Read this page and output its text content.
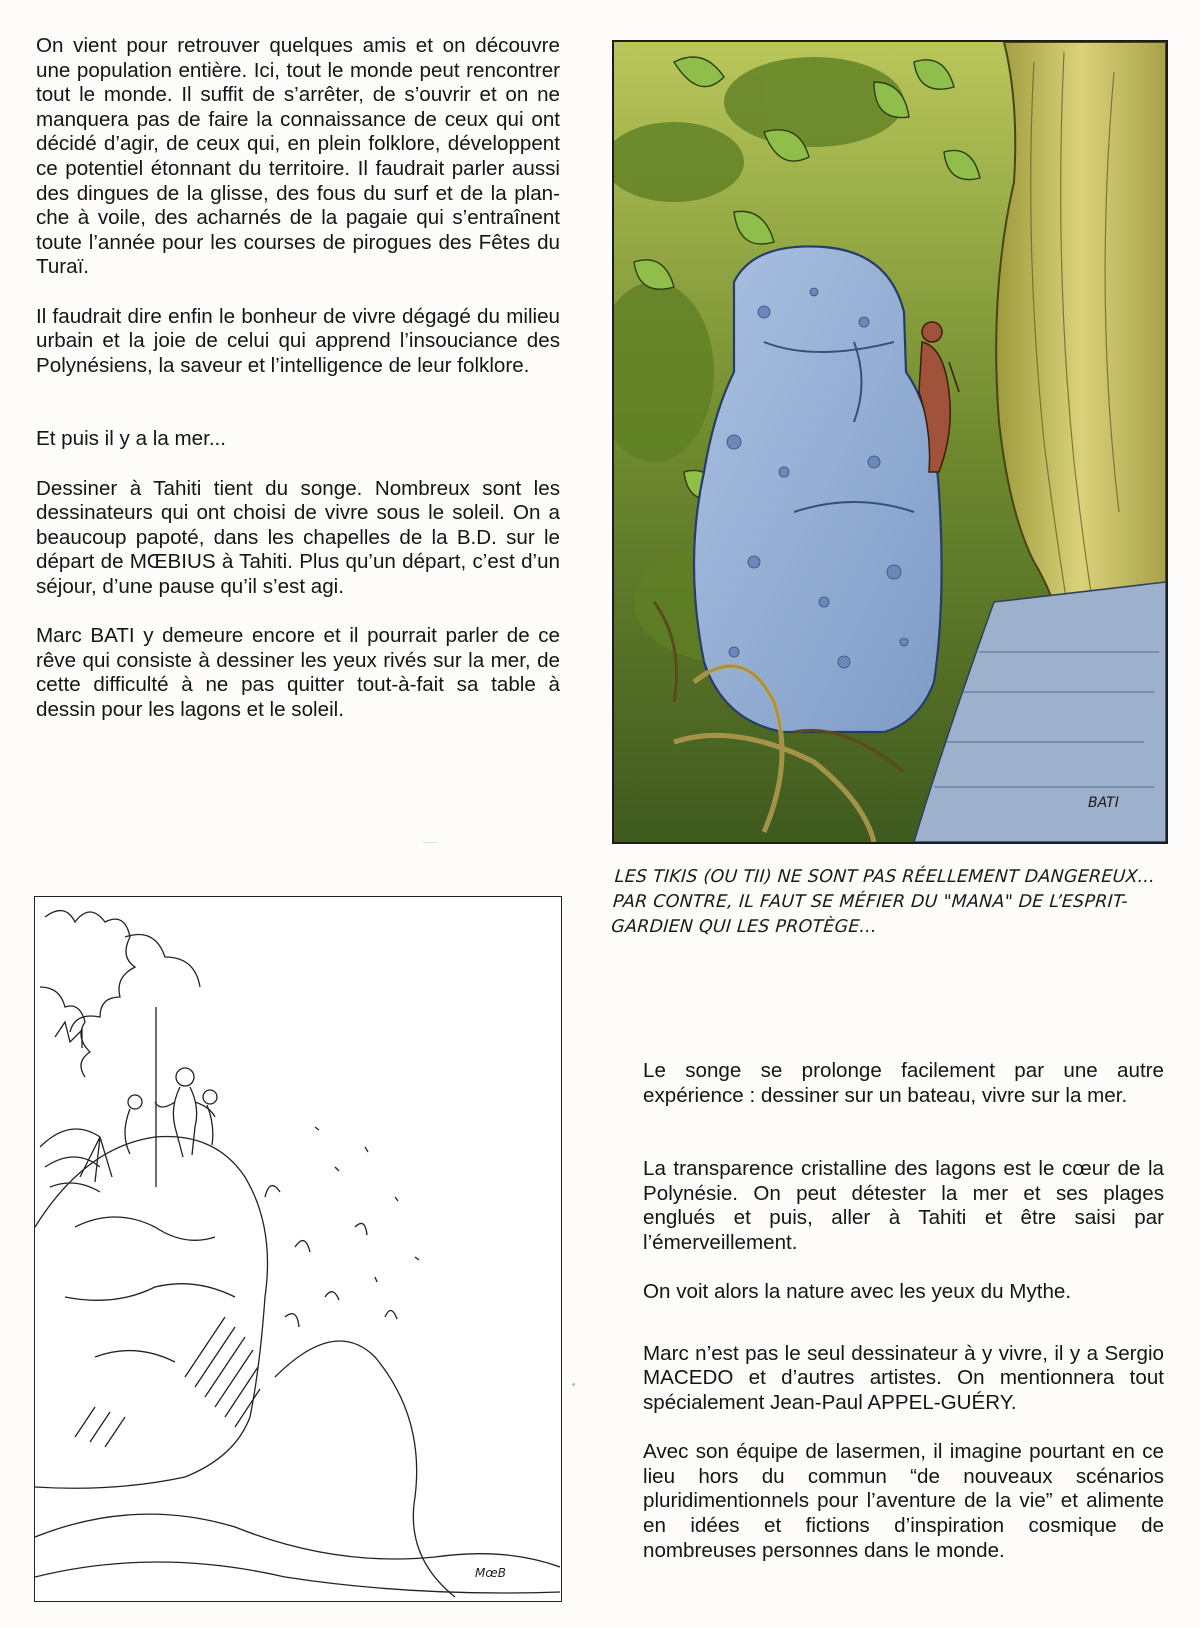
On vient pour retrouver quelques amis et on découvre une population entière. Ici, tout le monde peut rencontrer tout le monde. Il suffit de s’arrêter, de s’ouvrir et on ne manquera pas de faire la connaissance de ceux qui ont décidé d’agir, de ceux qui, en plein folklore, développent ce potentiel étonnant du territoire. Il faudrait parler aussi des dingues de la glisse, des fous du surf et de la planche à voile, des acharnés de la pagaie qui s’entraînent toute l’année pour les courses de pirogues des Fêtes du Turaï.

Il faudrait dire enfin le bonheur de vivre dégagé du milieu urbain et la joie de celui qui apprend l’insouciance des Polynésiens, la saveur et l’intelligence de leur folklore.

Et puis il y a la mer...

Dessiner à Tahiti tient du songe. Nombreux sont les dessinateurs qui ont choisi de vivre sous le soleil. On a beaucoup papoté, dans les chapelles de la B.D. sur le départ de MŒBIUS à Tahiti. Plus qu’un départ, c’est d’un séjour, d’une pause qu’il s’est agi.

Marc BATI y demeure encore et il pourrait parler de ce rêve qui consiste à dessiner les yeux rivés sur la mer, de cette difficulté à ne pas quitter tout-à-fait sa table à dessin pour les lagons et le soleil.

BATI
LES TIKIS (OU TII) NE SONT PAS RÉELLEMENT DANGEREUX...
PAR CONTRE, IL FAUT SE MÉFIER DU "MANA" DE L’ESPRIT-
GARDIEN QUI LES PROTÈGE...
MœB

Le songe se prolonge facilement par une autre expérience : dessiner sur un bateau, vivre sur la mer.

La transparence cristalline des lagons est le cœur de la Polynésie. On peut détester la mer et ses plages englués et puis, aller à Tahiti et être saisi par l’émerveillement.

On voit alors la nature avec les yeux du Mythe.

Marc n’est pas le seul dessinateur à y vivre, il y a Sergio MACEDO et d’autres artistes. On mentionnera tout spécialement Jean-Paul APPEL-GUÉRY.

Avec son équipe de lasermen, il imagine pourtant en ce lieu hors du commun “de nouveaux scénarios pluridimentionnels pour l’aventure de la vie” et alimente en idées et fictions d’inspiration cosmique de nombreuses personnes dans le monde.
